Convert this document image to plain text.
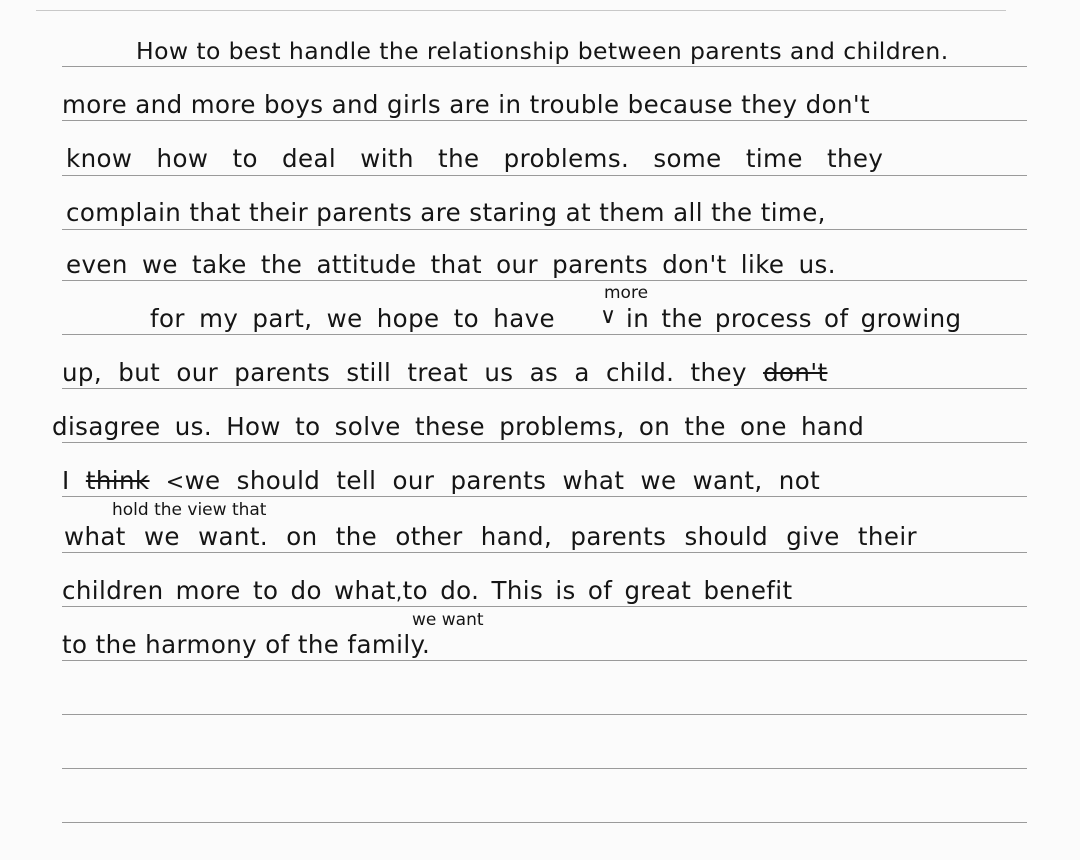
How to best handle the relationship between parents and children.
more and more boys and girls are in trouble because they don't
know how to deal with the problems. some time they
complain that their parents are staring at them all the time,
even we take the attitude that our parents don't like us.
for my part, we hope to have
more
∨ in the process of growing
up, but our parents still treat us as a child. they don't
disagree us. How to solve these problems, on the one hand
I think <we should tell our parents what we want, not
hold the view that
what we want. on the other hand, parents should give their
children more to do what,to do. This is of great benefit
we want
to the harmony of the family.
